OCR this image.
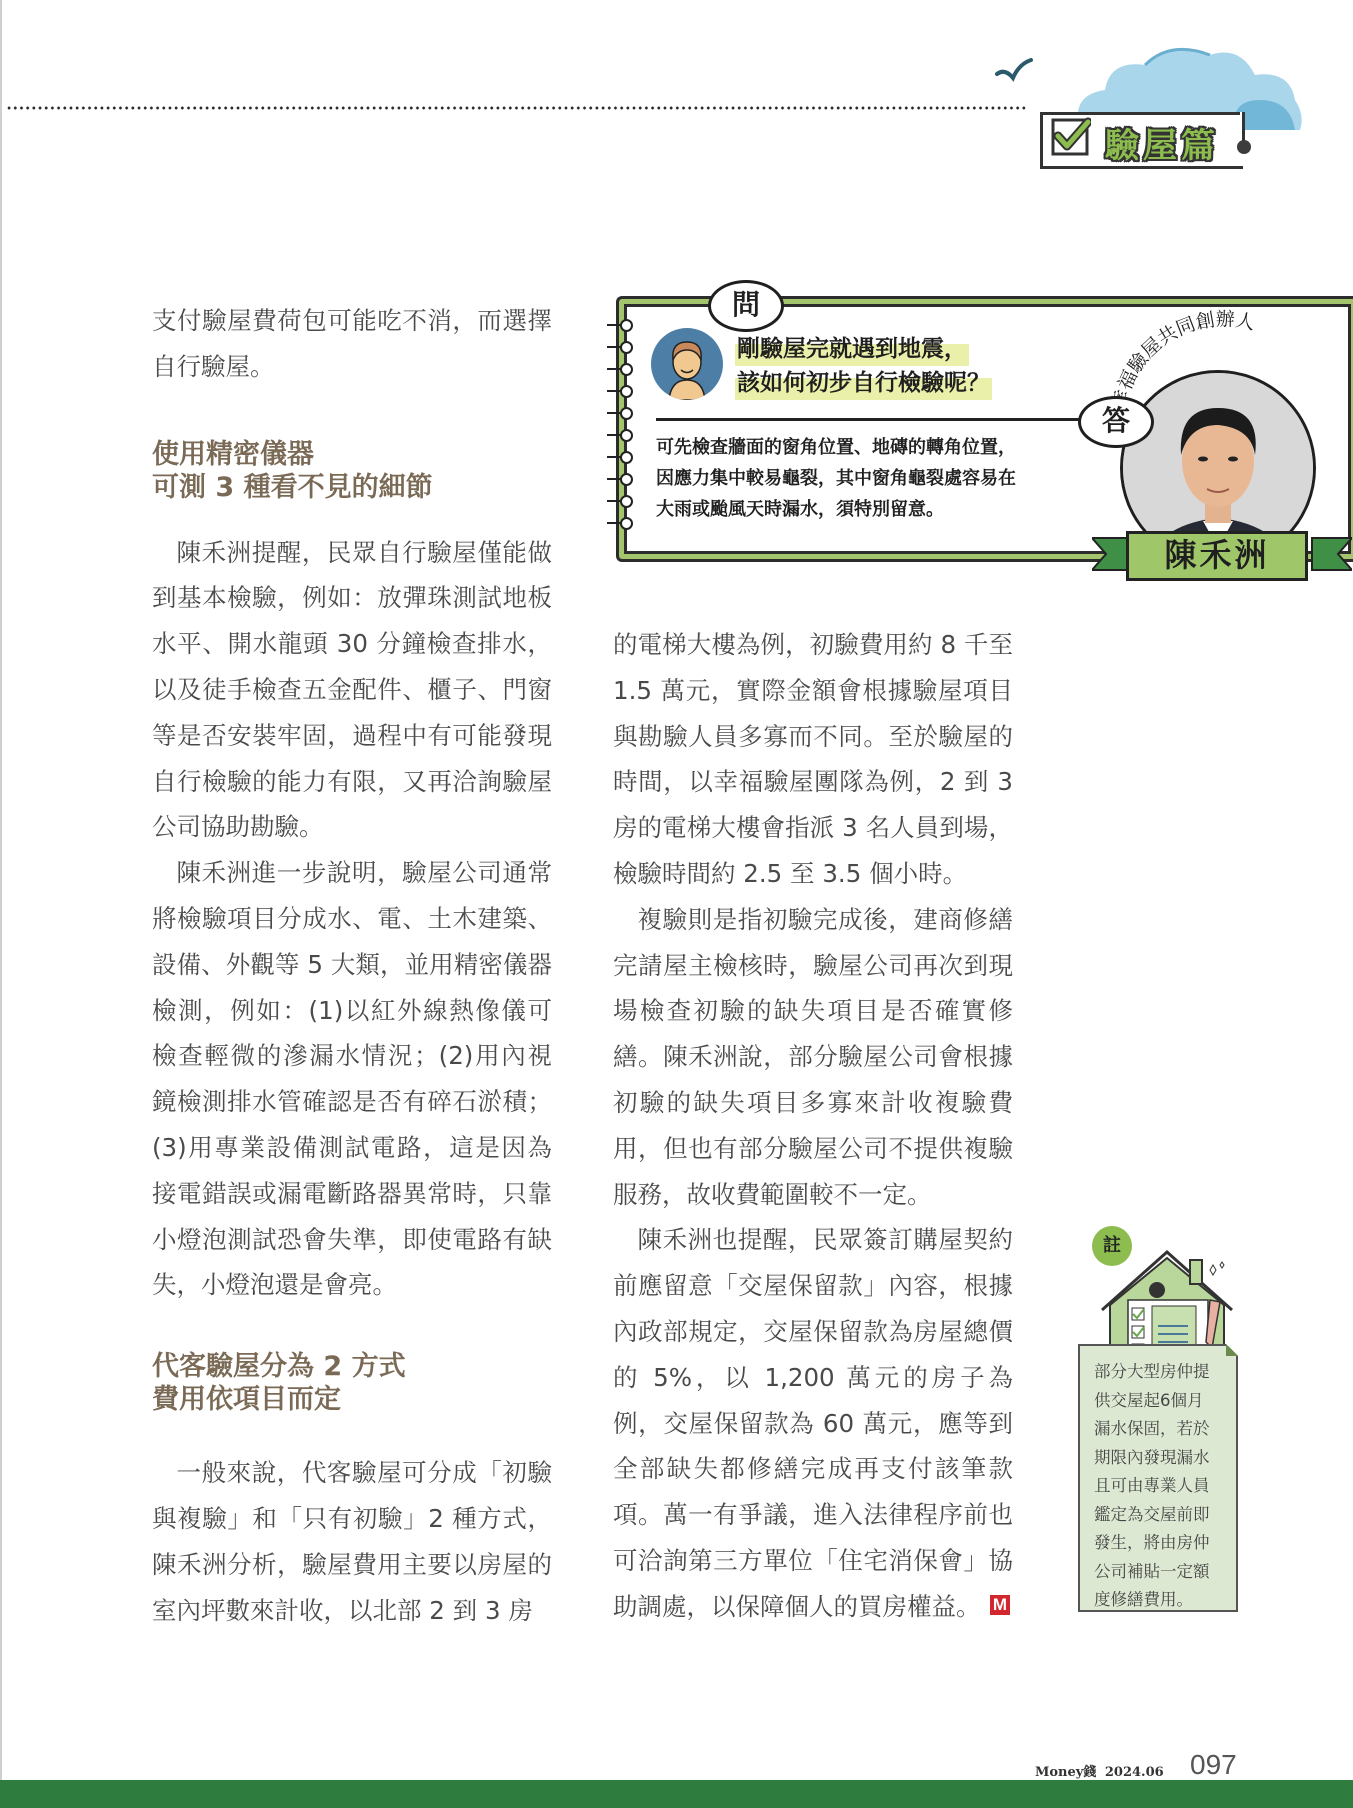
驗屋篇

支付驗屋費荷包可能吃不消，而選擇自行驗屋。

使用精密儀器
可測 3 種看不見的細節

陳禾洲提醒，民眾自行驗屋僅能做到基本檢驗，例如：放彈珠測試地板水平、開水龍頭 30 分鐘檢查排水，以及徒手檢查五金配件、櫃子、門窗等是否安裝牢固，過程中有可能發現自行檢驗的能力有限，又再洽詢驗屋公司協助勘驗。

陳禾洲進一步說明，驗屋公司通常將檢驗項目分成水、電、土木建築、設備、外觀等 5 大類，並用精密儀器檢測，例如：(1)以紅外線熱像儀可檢查輕微的滲漏水情況；(2)用內視鏡檢測排水管確認是否有碎石淤積；(3)用專業設備測試電路，這是因為接電錯誤或漏電斷路器異常時，只靠小燈泡測試恐會失準，即使電路有缺失，小燈泡還是會亮。

代客驗屋分為 2 方式
費用依項目而定

一般來說，代客驗屋可分成「初驗與複驗」和「只有初驗」2 種方式，陳禾洲分析，驗屋費用主要以房屋的室內坪數來計收，以北部 2 到 3 房

問
剛驗屋完就遇到地震，
該如何初步自行檢驗呢？
可先檢查牆面的窗角位置、地磚的轉角位置，
因應力集中較易龜裂，其中窗角龜裂處容易在
大雨或颱風天時漏水，須特別留意。
福驗屋共同創辦人
答
陳禾洲

的電梯大樓為例，初驗費用約 8 千至 1.5 萬元，實際金額會根據驗屋項目與勘驗人員多寡而不同。至於驗屋的時間，以幸福驗屋團隊為例，2 到 3 房的電梯大樓會指派 3 名人員到場，檢驗時間約 2.5 至 3.5 個小時。

複驗則是指初驗完成後，建商修繕完請屋主檢核時，驗屋公司再次到現場檢查初驗的缺失項目是否確實修繕。陳禾洲說，部分驗屋公司會根據初驗的缺失項目多寡來計收複驗費用，但也有部分驗屋公司不提供複驗服務，故收費範圍較不一定。

陳禾洲也提醒，民眾簽訂購屋契約前應留意「交屋保留款」內容，根據內政部規定，交屋保留款為房屋總價的 5%，以 1,200 萬元的房子為例，交屋保留款為 60 萬元，應等到全部缺失都修繕完成再支付該筆款項。萬一有爭議，進入法律程序前也可洽詢第三方單位「住宅消保會」協助調處，以保障個人的買房權益。 M
註
部分大型房仲提
供交屋起6個月
漏水保固，若於
期限內發現漏水
且可由專業人員
鑑定為交屋前即
發生，將由房仲
公司補貼一定額
度修繕費用。
Money錢 2024.06 097
